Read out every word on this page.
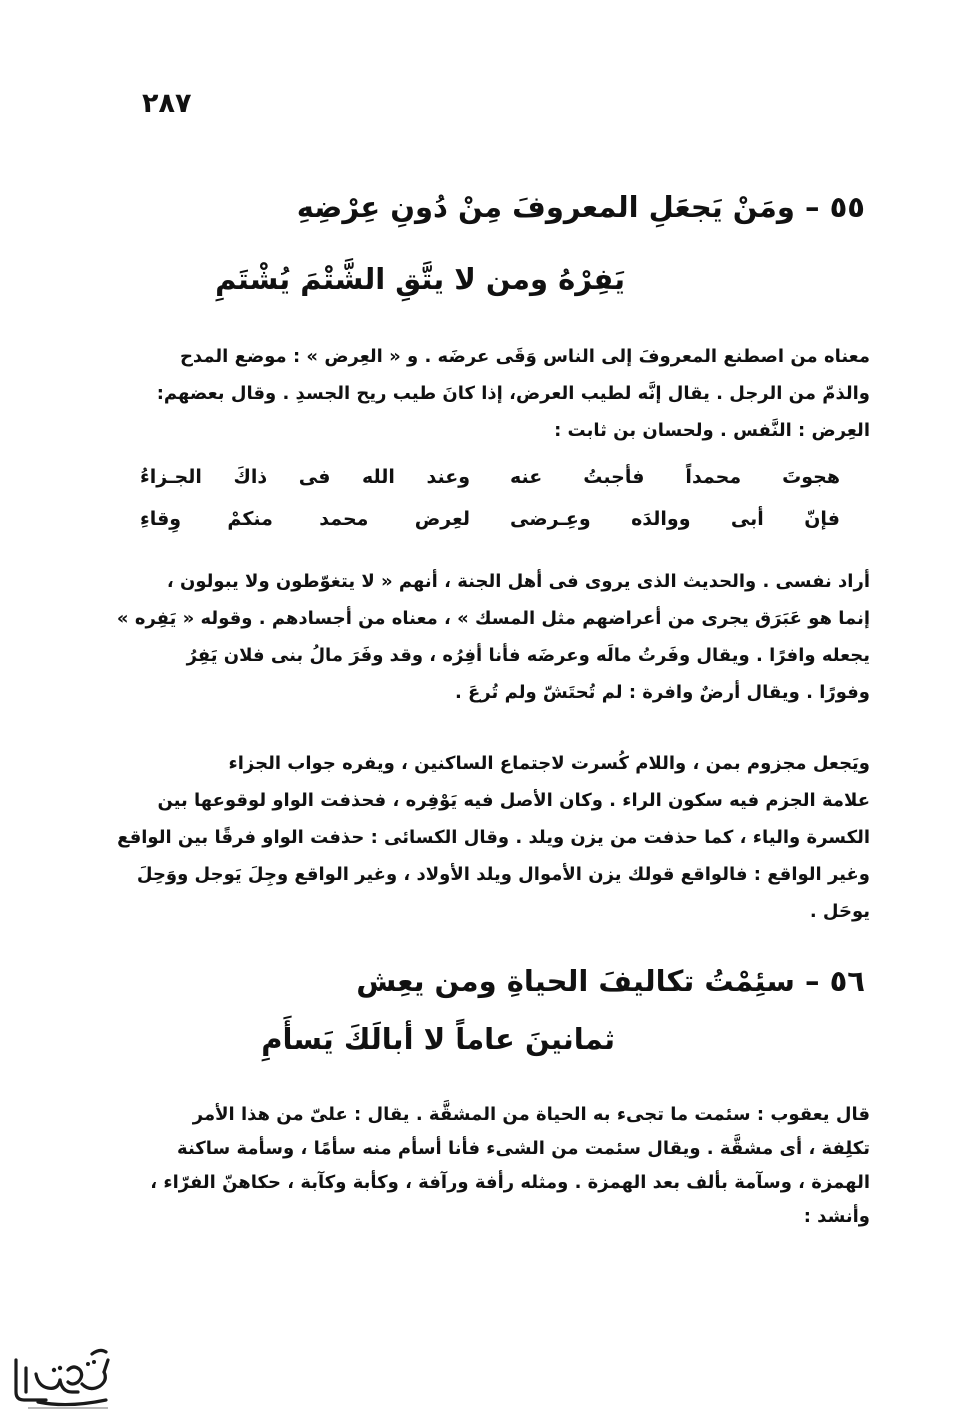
٢٨٧
٥٥ – ومَنْ يَجعَلِ المعروفَ مِنْ دُونِ عِرْضِهِ
يَفِرْهُ ومن لا يتَّقِ الشَّتْمَ يُشْتَمِ
معناه من اصطنع المعروفَ إلى الناس وَقَى عرضَه . و « العِرض » : موضع المدح
والذمّ من الرجل . يقال إنَّه لطيب العرض، إذا كانَ طيب ريح الجسدِ . وقال بعضهم:
العِرض : النَّفس . ولحسان بن ثابت :
هجوتَ محمداً فأجبتُ عنه
وعند الله فى ذاكَ الجـزاءُ
فإنّ أبى ووالدَه وعِـرضى
لعِرض محمد منكمْ وِقاءِ
أراد نفسى . والحديث الذى يروى فى أهل الجنة ، أنهم « لا يتغوّطون ولا يبولون ،
إنما هو عَبَرَق يجرى من أعراضهم مثل المسك » ، معناه من أجسادهم . وقوله « يَفِره »
يجعله وافرًا . ويقال وفَرتُ مالَه وعرضَه فأنا أفِرُه ، وقد وفَرَ مالُ بنى فلان يَفِرُ
وفورًا . ويقال أرضٌ وافرة : لم تُحتَشّ ولم تُرعَ .
ويَجعل مجزوم بمن ، واللام كُسرت لاجتماع الساكنين ، ويفره جواب الجزاء
علامة الجزم فيه سكون الراء . وكان الأصل فيه يَوْفِره ، فحذفت الواو لوقوعها بين
الكسرة والياء ، كما حذفت من يزن ويلد . وقال الكسائى : حذفت الواو فرقًا بين الواقع
وغير الواقع : فالواقع قولك يزن الأموال ويلد الأولاد ، وغير الواقع وجِلَ يَوجل ووَحِلَ
يوحَل .
٥٦ – سئِمْتُ تكاليفَ الحياةِ ومن يعِش
ثمانينَ عاماً لا أبالَكَ يَسأَمِ
قال يعقوب : سئمت ما تجىء به الحياة من المشقَّة . يقال : علىّ من هذا الأمر
تكلِفة ، أى مشقَّة . ويقال سئمت من الشىء فأنا أسأم منه سأمًا ، وسأمة ساكنة
الهمزة ، وسآمة بألف بعد الهمزة . ومثله رأفة ورآفة ، وكأبة وكآبة ، حكاهنّ الفرّاء ،
وأنشد :
